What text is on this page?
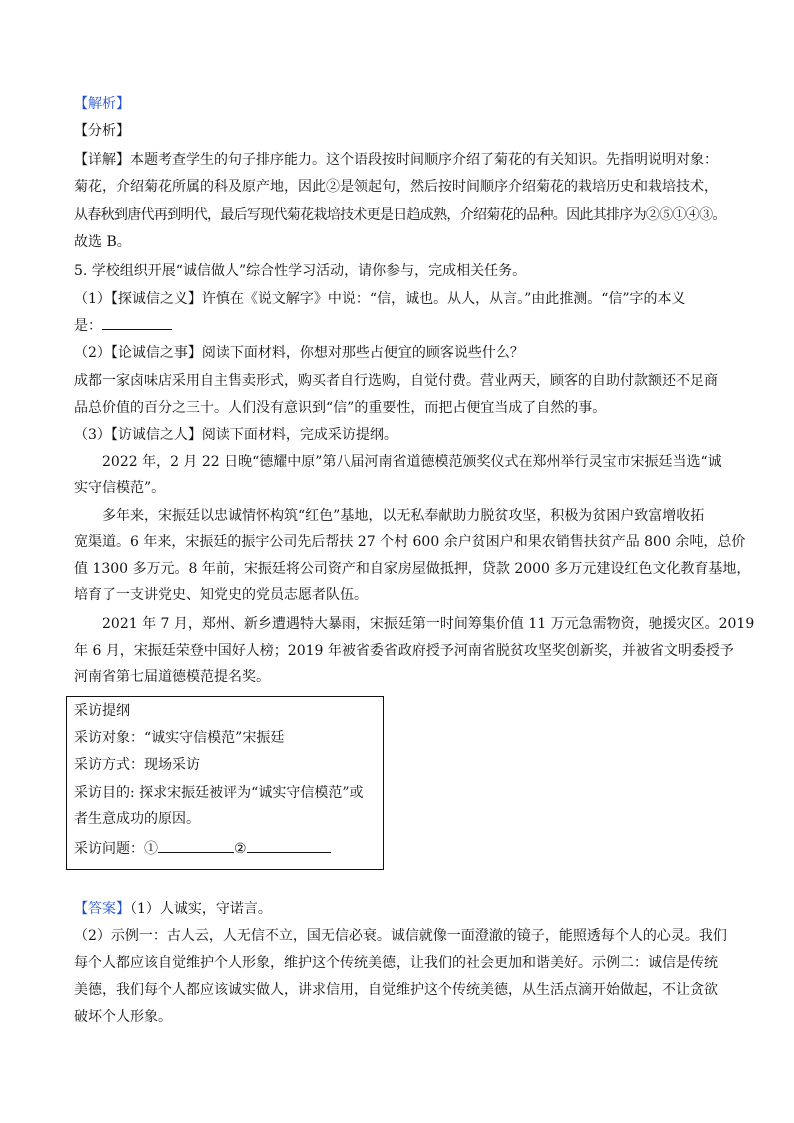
【解析】
【分析】
【详解】本题考查学生的句子排序能力。这个语段按时间顺序介绍了菊花的有关知识。先指明说明对象：
菊花，介绍菊花所属的科及原产地，因此②是领起句，然后按时间顺序介绍菊花的栽培历史和栽培技术，
从春秋到唐代再到明代，最后写现代菊花栽培技术更是日趋成熟，介绍菊花的品种。因此其排序为②⑤①④③。
故选 B。
5. 学校组织开展“诚信做人”综合性学习活动，请你参与，完成相关任务。
（1）【探诚信之义】许慎在《说文解字》中说：“信，诚也。从人，从言。”由此推测。“信”字的本义
是：
（2）【论诚信之事】阅读下面材料，你想对那些占便宜的顾客说些什么？
成都一家卤味店采用自主售卖形式，购买者自行选购，自觉付费。营业两天，顾客的自助付款额还不足商
品总价值的百分之三十。人们没有意识到“信”的重要性，而把占便宜当成了自然的事。
（3）【访诚信之人】阅读下面材料，完成采访提纲。
2022 年，2 月 22 日晚“德耀中原”第八届河南省道德模范颁奖仪式在郑州举行灵宝市宋振廷当选“诚
实守信模范”。
多年来，宋振廷以忠诚情怀构筑“红色”基地，以无私奉献助力脱贫攻坚，积极为贫困户致富增收拓
宽渠道。6 年来，宋振廷的振宇公司先后帮扶 27 个村 600 余户贫困户和果农销售扶贫产品 800 余吨，总价
值 1300 多万元。8 年前，宋振廷将公司资产和自家房屋做抵押，贷款 2000 多万元建设红色文化教育基地，
培育了一支讲党史、知党史的党员志愿者队伍。
2021 年 7 月，郑州、新乡遭遇特大暴雨，宋振廷第一时间筹集价值 11 万元急需物资，驰援灾区。2019
年 6 月，宋振廷荣登中国好人榜；2019 年被省委省政府授予河南省脱贫攻坚奖创新奖，并被省文明委授予
河南省第七届道德模范提名奖。
采访提纲
采访对象：“诚实守信模范”宋振廷
采访方式：现场采访
采访目的: 探求宋振廷被评为“诚实守信模范”或
者生意成功的原因。
采访问题：①	②
【答案】（1）人诚实，守诺言。
（2）示例一：古人云，人无信不立，国无信必衰。诚信就像一面澄澈的镜子，能照透每个人的心灵。我们
每个人都应该自觉维护个人形象，维护这个传统美德，让我们的社会更加和谐美好。示例二：诚信是传统
美德，我们每个人都应该诚实做人，讲求信用，自觉维护这个传统美德，从生活点滴开始做起，不让贪欲
破坏个人形象。
